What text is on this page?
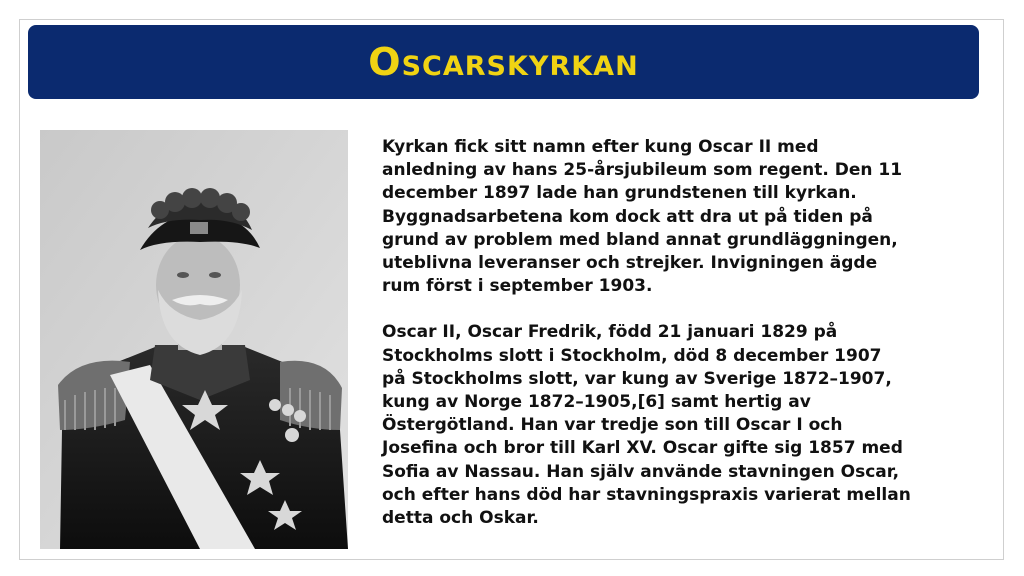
Oscarskyrkan

Kyrkan fick sitt namn efter kung Oscar II med
anledning av hans 25-årsjubileum som regent. Den 11
december 1897 lade han grundstenen till kyrkan.
Byggnadsarbetena kom dock att dra ut på tiden på
grund av problem med bland annat grundläggningen,
uteblivna leveranser och strejker. Invigningen ägde
rum först i september 1903.

Oscar II, Oscar Fredrik, född 21 januari 1829 på
Stockholms slott i Stockholm, död 8 december 1907
på Stockholms slott, var kung av Sverige 1872–1907,
kung av Norge 1872–1905,[6] samt hertig av
Östergötland. Han var tredje son till Oscar I och
Josefina och bror till Karl XV. Oscar gifte sig 1857 med
Sofia av Nassau. Han själv använde stavningen Oscar,
och efter hans död har stavningspraxis varierat mellan
detta och Oskar.
